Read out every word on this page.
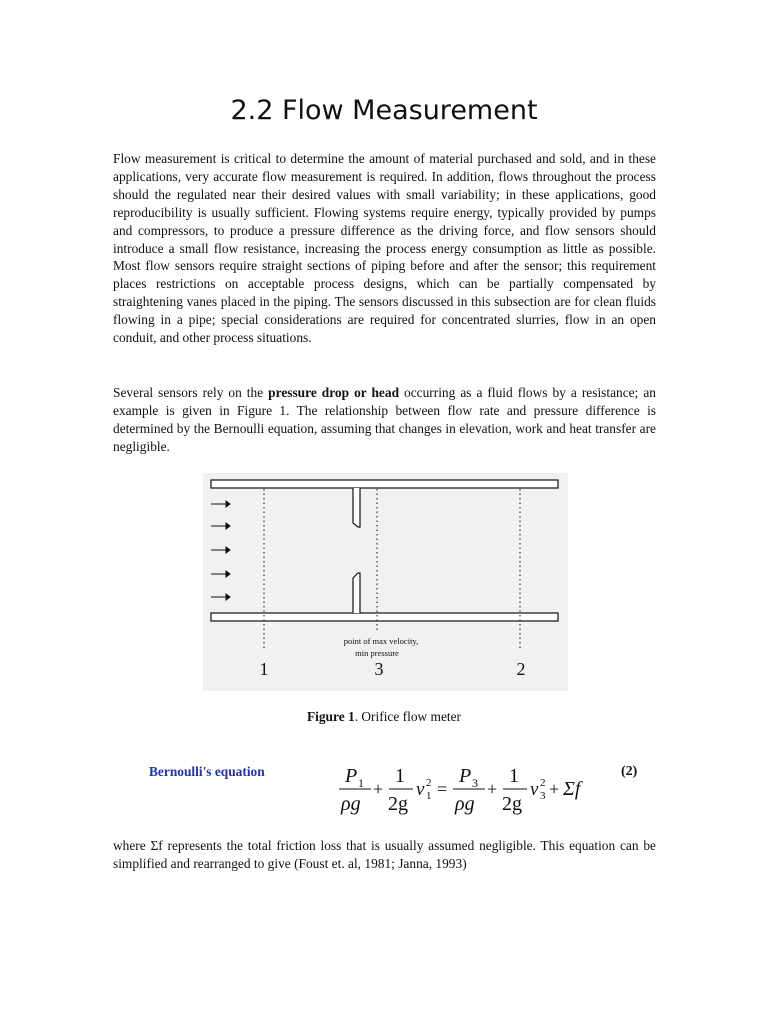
2.2 Flow Measurement

Flow measurement is critical to determine the amount of material purchased and sold, and in these applications, very accurate flow measurement is required. In addition, flows throughout the process should the regulated near their desired values with small variability; in these applications, good reproducibility is usually sufficient. Flowing systems require energy, typically provided by pumps and compressors, to produce a pressure difference as the driving force, and flow sensors should introduce a small flow resistance, increasing the process energy consumption as little as possible. Most flow sensors require straight sections of piping before and after the sensor; this requirement places restrictions on acceptable process designs, which can be partially compensated by straightening vanes placed in the piping. The sensors discussed in this subsection are for clean fluids flowing in a pipe; special considerations are required for concentrated slurries, flow in an open conduit, and other process situations.

Several sensors rely on the pressure drop or head occurring as a fluid flows by a resistance; an example is given in Figure 1. The relationship between flow rate and pressure difference is determined by the Bernoulli equation, assuming that changes in elevation, work and heat transfer are negligible.

point of max velocity,
min pressure
1	3	2
Figure 1. Orifice flow meter
Bernoulli's equation	P 1
ρg
+
1
2g
v 2
1 =
P 3
ρg
+
1
2g
v 2
3 + Σf
(2)

where Σf represents the total friction loss that is usually assumed negligible. This equation can be simplified and rearranged to give (Foust et. al, 1981; Janna, 1993)
